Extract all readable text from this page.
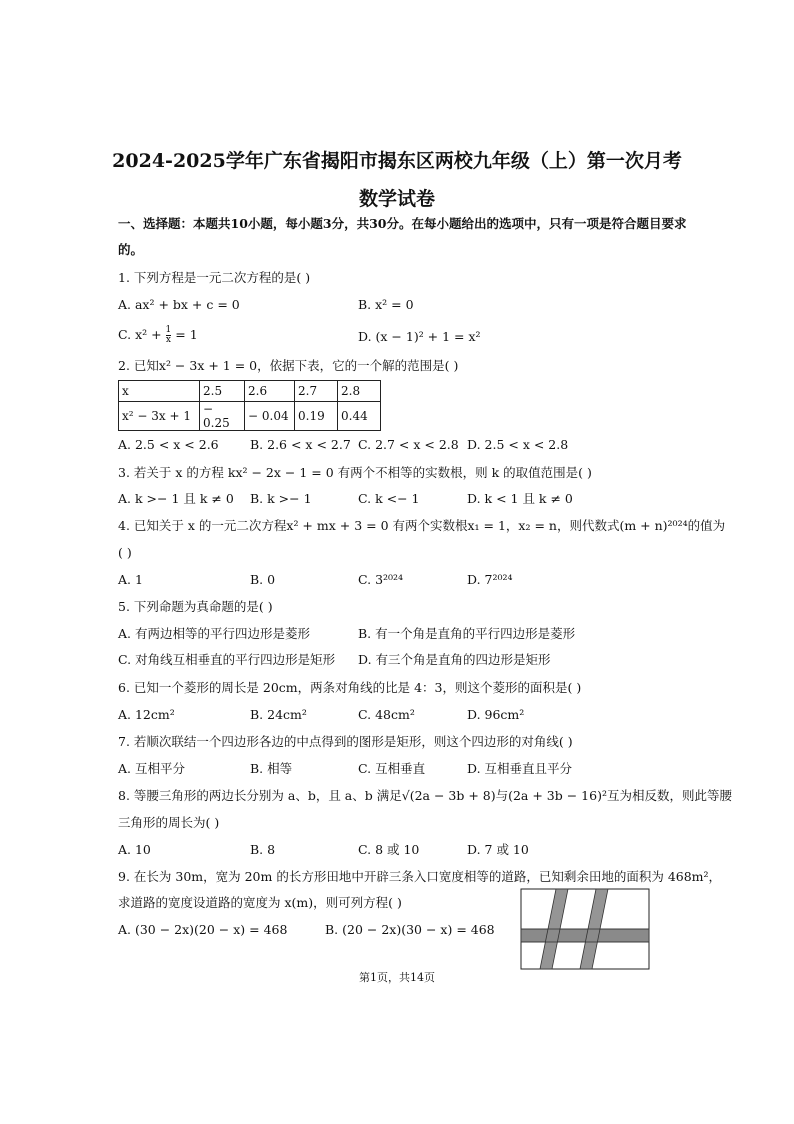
2024-2025学年广东省揭阳市揭东区两校九年级（上）第一次月考
数学试卷
一、选择题：本题共10小题，每小题3分，共30分。在每小题给出的选项中，只有一项是符合题目要求
的。
1. 下列方程是一元二次方程的是( )
A. ax² + bx + c = 0	B. x² = 0
C. $x^2 + \frac{1}{x} = 1$	D. (x − 1)² + 1 = x²
2. 已知x² − 3x + 1 = 0，依据下表，它的一个解的范围是( )
x	2.5	2.6	2.7	2.8
x² − 3x + 1	− 0.25	− 0.04	0.19	0.44
A. 2.5 < x < 2.6	B. 2.6 < x < 2.7 C. 2.7 < x < 2.8 D. 2.5 < x < 2.8
3. 若关于 x 的方程 kx² − 2x − 1 = 0 有两个不相等的实数根，则 k 的取值范围是( )
A. k >− 1 且 k ≠ 0 B. k >− 1	C. k <− 1	D. k < 1 且 k ≠ 0
4. 已知关于 x 的一元二次方程x² + mx + 3 = 0 有两个实数根x₁ = 1，x₂ = n，则代数式(m + n)²⁰²⁴的值为
( )
A. 1	B. 0	C. 3²⁰²⁴	D. 7²⁰²⁴
5. 下列命题为真命题的是( )
A. 有两边相等的平行四边形是菱形	B. 有一个角是直角的平行四边形是菱形
C. 对角线互相垂直的平行四边形是矩形 D. 有三个角是直角的四边形是矩形
6. 已知一个菱形的周长是 20cm，两条对角线的比是 4：3，则这个菱形的面积是( )
A. 12cm²	B. 24cm²	C. 48cm²	D. 96cm²
7. 若顺次联结一个四边形各边的中点得到的图形是矩形，则这个四边形的对角线( )
A. 互相平分	B. 相等	C. 互相垂直	D. 互相垂直且平分
8. 等腰三角形的两边长分别为 a、b，且 a、b 满足√(2a − 3b + 8)与(2a + 3b − 16)²互为相反数，则此等腰
三角形的周长为( )
A. 10	B. 8	C. 8 或 10	D. 7 或 10
9. 在长为 30m，宽为 20m 的长方形田地中开辟三条入口宽度相等的道路，已知剩余田地的面积为 468m²，
求道路的宽度设道路的宽度为 x(m)，则可列方程( )
A. (30 − 2x)(20 − x) = 468	B. (20 − 2x)(30 − x) = 468
第1页，共14页
